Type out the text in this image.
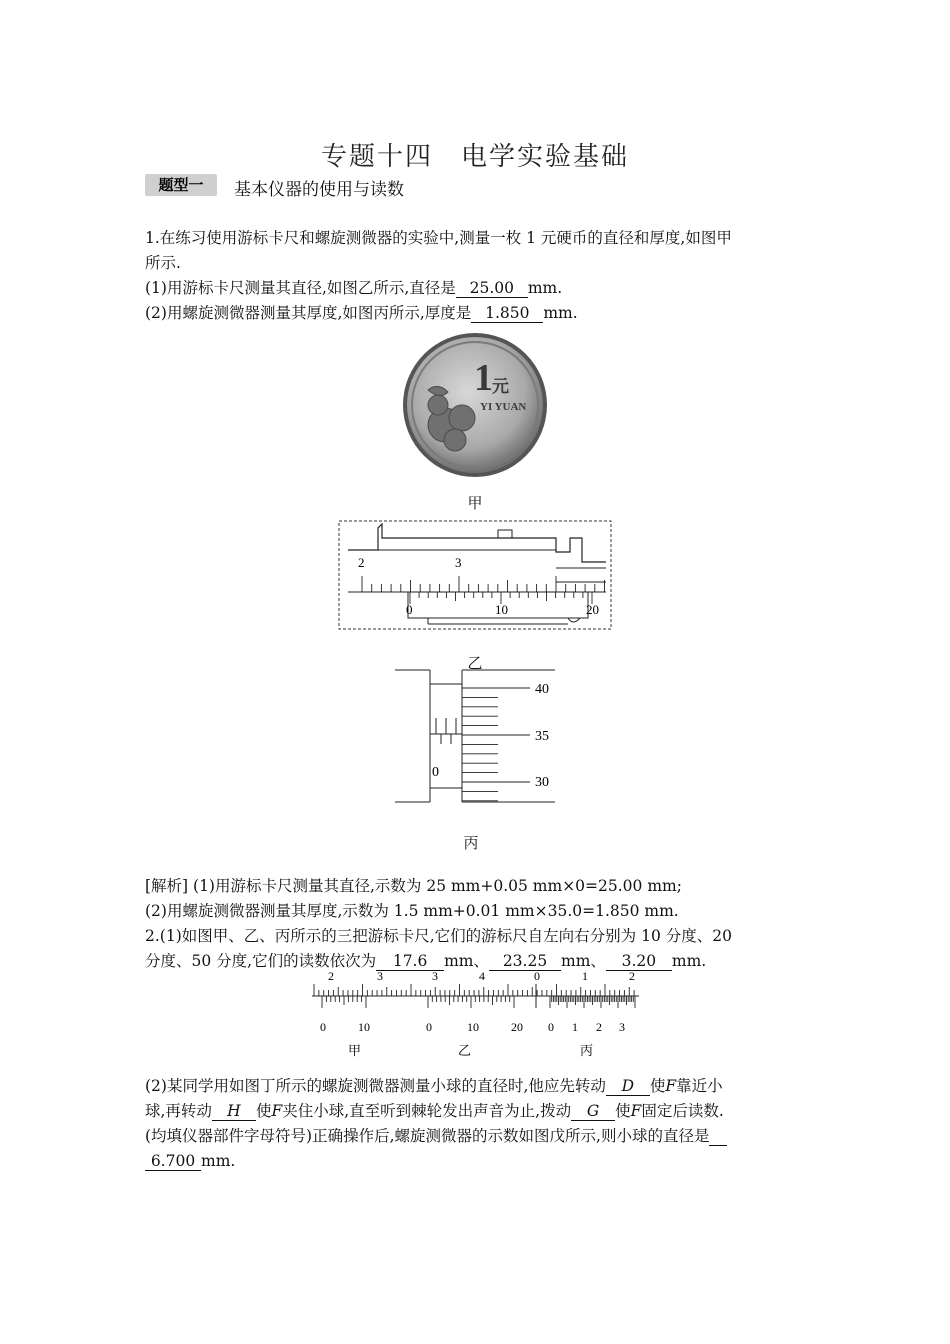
专题十四　电学实验基础
题型一	基本仪器的使用与读数
1.在练习使用游标卡尺和螺旋测微器的实验中,测量一枚 1 元硬币的直径和厚度,如图甲
所示.
(1)用游标卡尺测量其直径,如图乙所示,直径是 25.00 mm.
(2)用螺旋测微器测量其厚度,如图丙所示,厚度是 1.850 mm.
1 元
YI YUAN
甲
2	3
0	10	20
乙
0
40
35
30
丙
[解析] (1)用游标卡尺测量其直径,示数为 25 mm+0.05 mm×0=25.00 mm;
(2)用螺旋测微器测量其厚度,示数为 1.5 mm+0.01 mm×35.0=1.850 mm.
2.(1)如图甲、乙、丙所示的三把游标卡尺,它们的游标尺自左向右分别为 10 分度、20
分度、50 分度,它们的读数依次为 17.6 mm、 23.25 mm、 3.20 mm.
2	3
0	10
甲
3	4
0	10	20
乙
0	1	2
0 1 2 3
丙
(2)某同学用如图丁所示的螺旋测微器测量小球的直径时,他应先转动 D 使F靠近小
球,再转动 H 使F夹住小球,直至听到棘轮发出声音为止,拨动 G 使F固定后读数.
(均填仪器部件字母符号)正确操作后,螺旋测微器的示数如图戊所示,则小球的直径是
6.700 mm.
